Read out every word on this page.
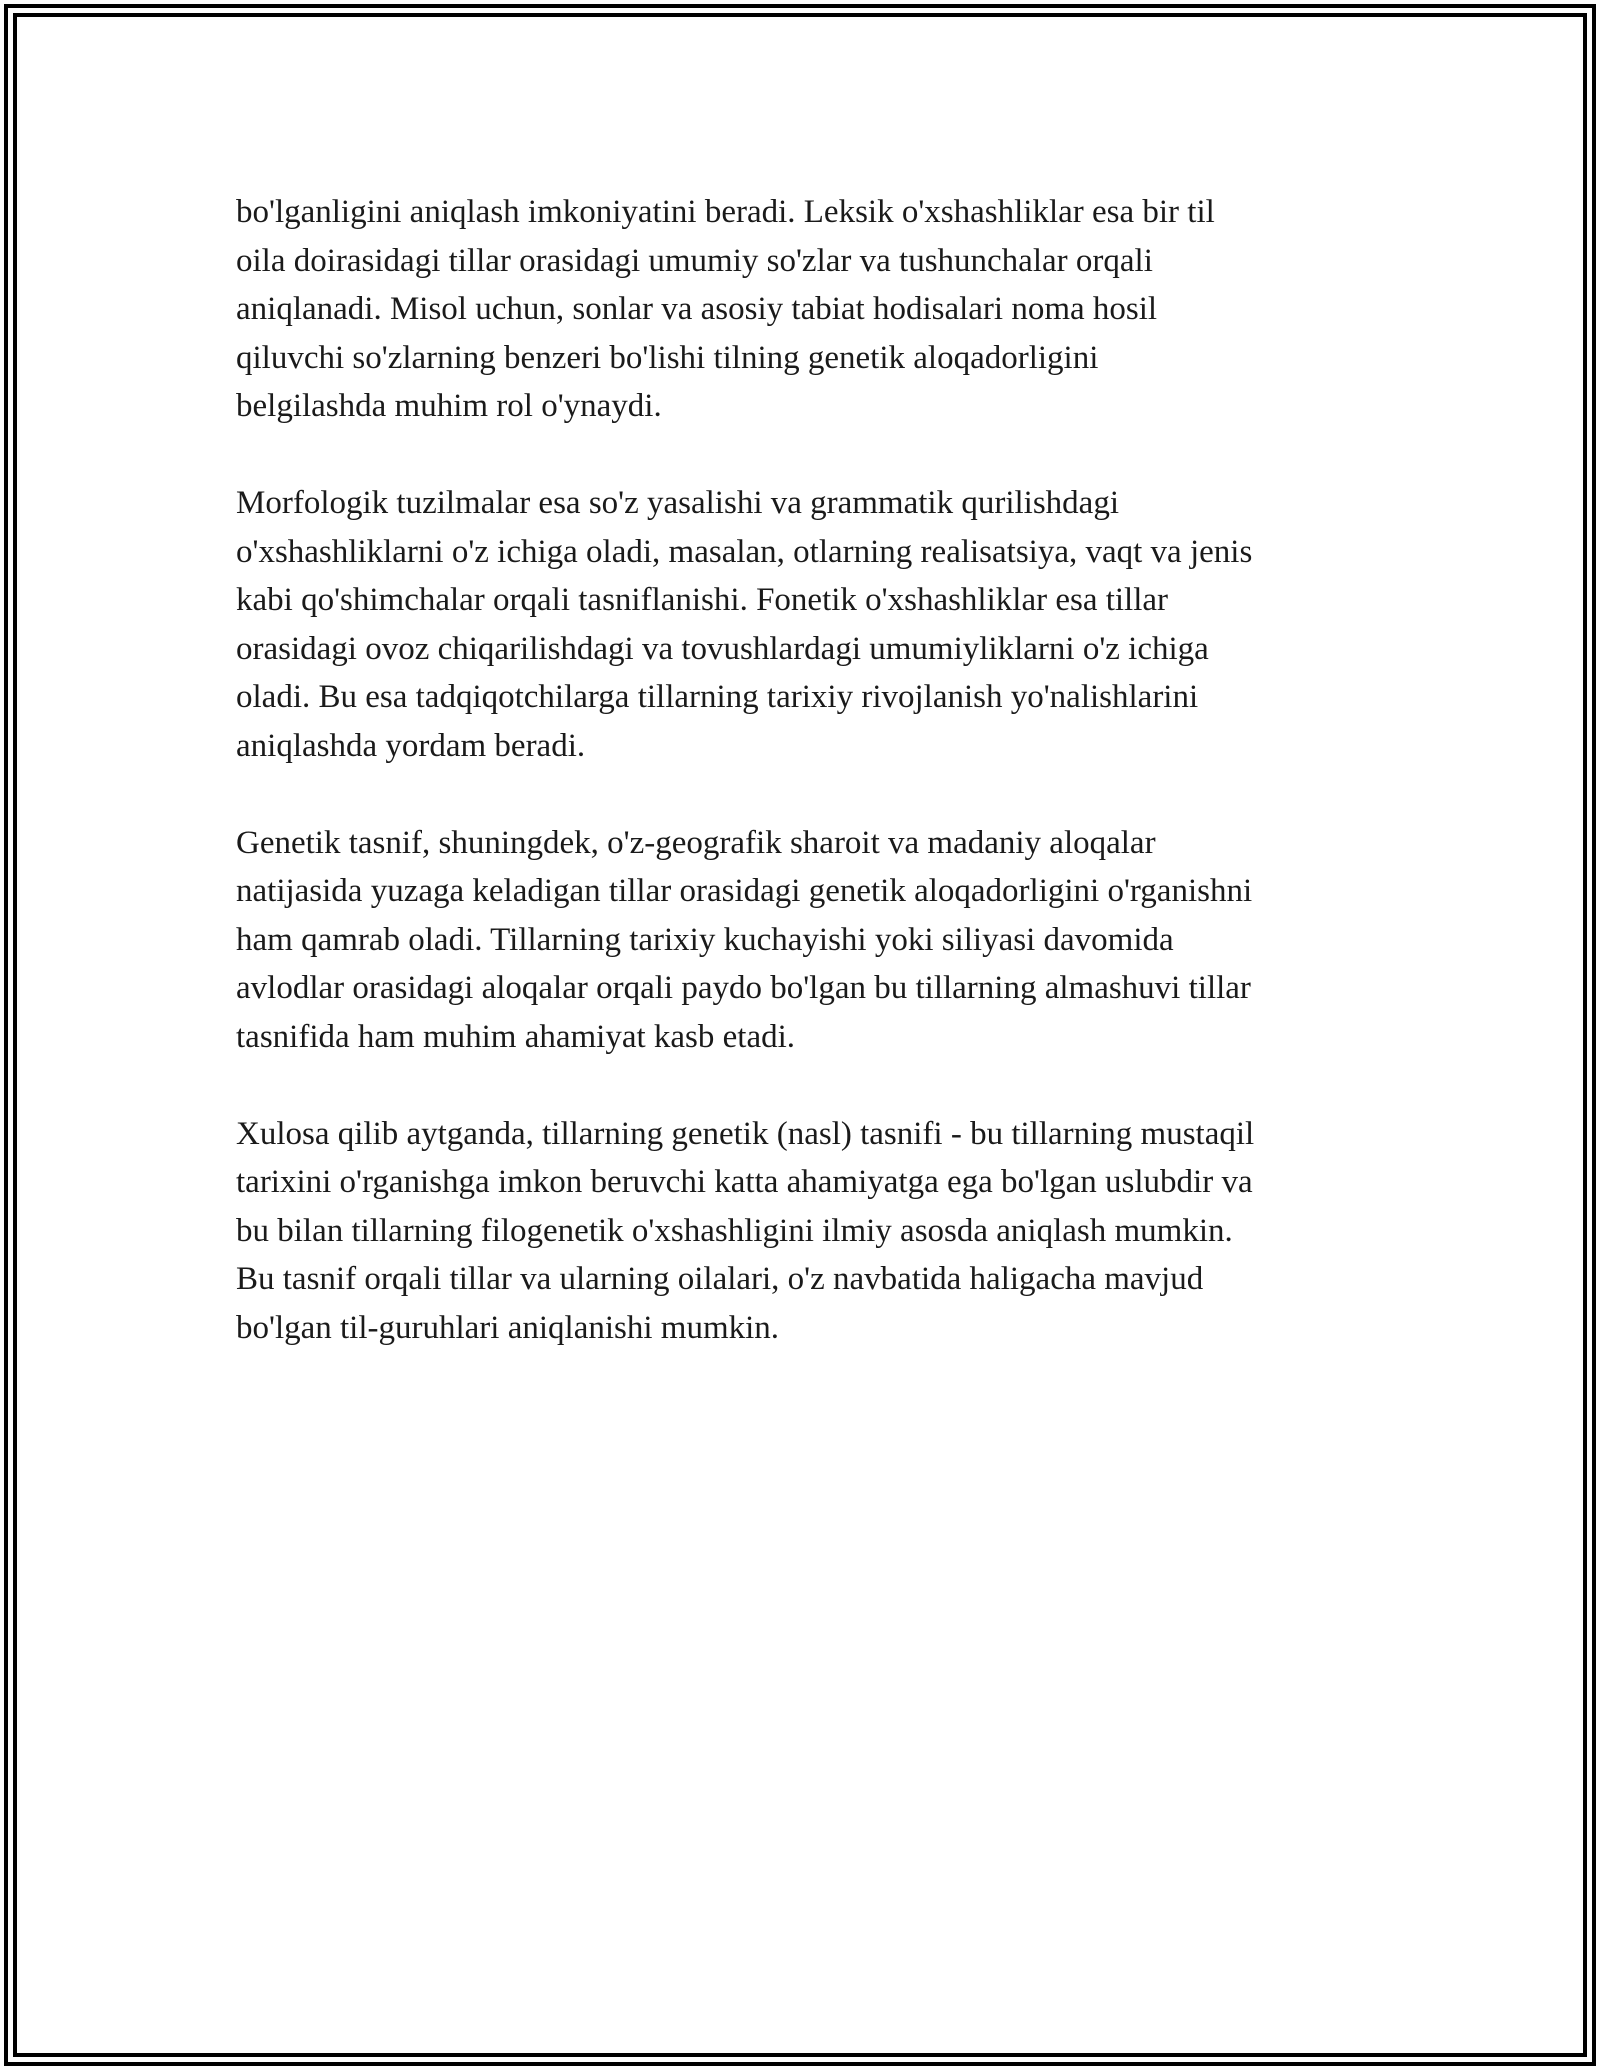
bo'lganligini aniqlash imkoniyatini beradi. Leksik o'xshashliklar esa bir til
oila doirasidagi tillar orasidagi umumiy so'zlar va tushunchalar orqali
aniqlanadi. Misol uchun, sonlar va asosiy tabiat hodisalari noma hosil
qiluvchi so'zlarning benzeri bo'lishi tilning genetik aloqadorligini
belgilashda muhim rol o'ynaydi.

Morfologik tuzilmalar esa so'z yasalishi va grammatik qurilishdagi
o'xshashliklarni o'z ichiga oladi, masalan, otlarning realisatsiya, vaqt va jenis
kabi qo'shimchalar orqali tasniflanishi. Fonetik o'xshashliklar esa tillar
orasidagi ovoz chiqarilishdagi va tovushlardagi umumiyliklarni o'z ichiga
oladi. Bu esa tadqiqotchilarga tillarning tarixiy rivojlanish yo'nalishlarini
aniqlashda yordam beradi.

Genetik tasnif, shuningdek, o'z-geografik sharoit va madaniy aloqalar
natijasida yuzaga keladigan tillar orasidagi genetik aloqadorligini o'rganishni
ham qamrab oladi. Tillarning tarixiy kuchayishi yoki siliyasi davomida
avlodlar orasidagi aloqalar orqali paydo bo'lgan bu tillarning almashuvi tillar
tasnifida ham muhim ahamiyat kasb etadi.

Xulosa qilib aytganda, tillarning genetik (nasl) tasnifi - bu tillarning mustaqil
tarixini o'rganishga imkon beruvchi katta ahamiyatga ega bo'lgan uslubdir va
bu bilan tillarning filogenetik o'xshashligini ilmiy asosda aniqlash mumkin.
Bu tasnif orqali tillar va ularning oilalari, o'z navbatida haligacha mavjud
bo'lgan til-guruhlari aniqlanishi mumkin.
